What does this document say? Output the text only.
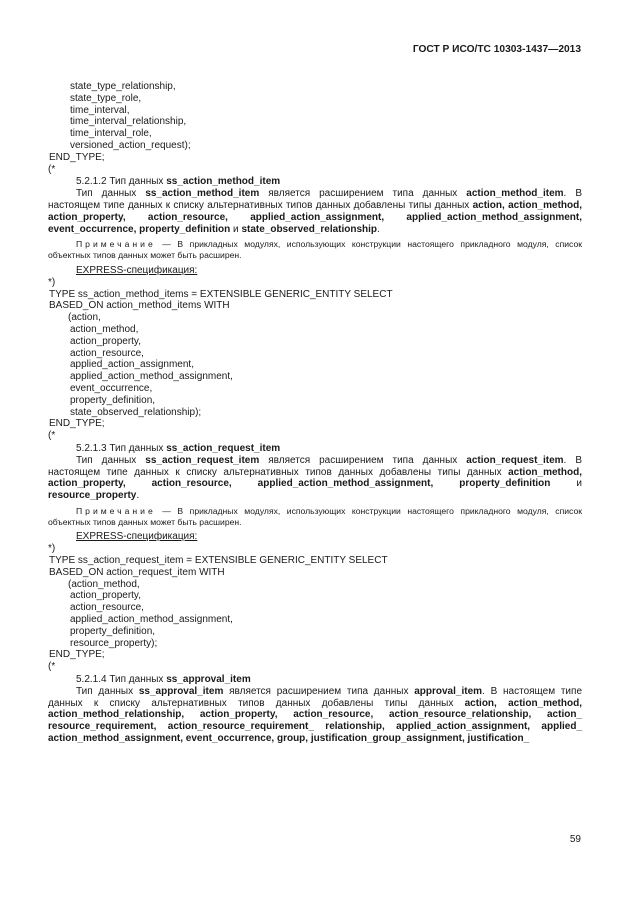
ГОСТ Р ИСО/ТС 10303-1437—2013
state_type_relationship,
state_type_role,
time_interval,
time_interval_relationship,
time_interval_role,
versioned_action_request);
END_TYPE;
(*
5.2.1.2 Тип данных ss_action_method_item

Тип данных ss_action_method_item является расширением типа данных action_method_item. В настоящем типе данных к списку альтернативных типов данных добавлены типы данных action, action_method, action_property, action_resource, applied_action_assignment, applied_action_method_assignment, event_occurrence, property_definition и state_observed_relationship.

Примечание — В прикладных модулях, использующих конструкции настоящего прикладного модуля, список объектных типов данных может быть расширен.

EXPRESS-спецификация:
*)
TYPE ss_action_method_items = EXTENSIBLE GENERIC_ENTITY SELECT
BASED_ON action_method_items WITH
(action,
action_method,
action_property,
action_resource,
applied_action_assignment,
applied_action_method_assignment,
event_occurrence,
property_definition,
state_observed_relationship);
END_TYPE;
(*
5.2.1.3 Тип данных ss_action_request_item

Тип данных ss_action_request_item является расширением типа данных action_request_item. В настоящем типе данных к списку альтернативных типов данных добавлены типы данных action_method, action_property, action_resource, applied_action_method_assignment, property_definition и resource_property.

Примечание — В прикладных модулях, использующих конструкции настоящего прикладного модуля, список объектных типов данных может быть расширен.

EXPRESS-спецификация:
*)
TYPE ss_action_request_item = EXTENSIBLE GENERIC_ENTITY SELECT
BASED_ON action_request_item WITH
(action_method,
action_property,
action_resource,
applied_action_method_assignment,
property_definition,
resource_property);
END_TYPE;
(*
5.2.1.4 Тип данных ss_approval_item

Тип данных ss_approval_item является расширением типа данных approval_item. В настоящем типе данных к списку альтернативных типов данных добавлены типы данных action, action_method, action_method_relationship, action_property, action_resource, action_resource_relationship, action_ resource_requirement, action_resource_requirement_ relationship, applied_action_assignment, applied_ action_method_assignment, event_occurrence, group, justification_group_assignment, justification_

59
